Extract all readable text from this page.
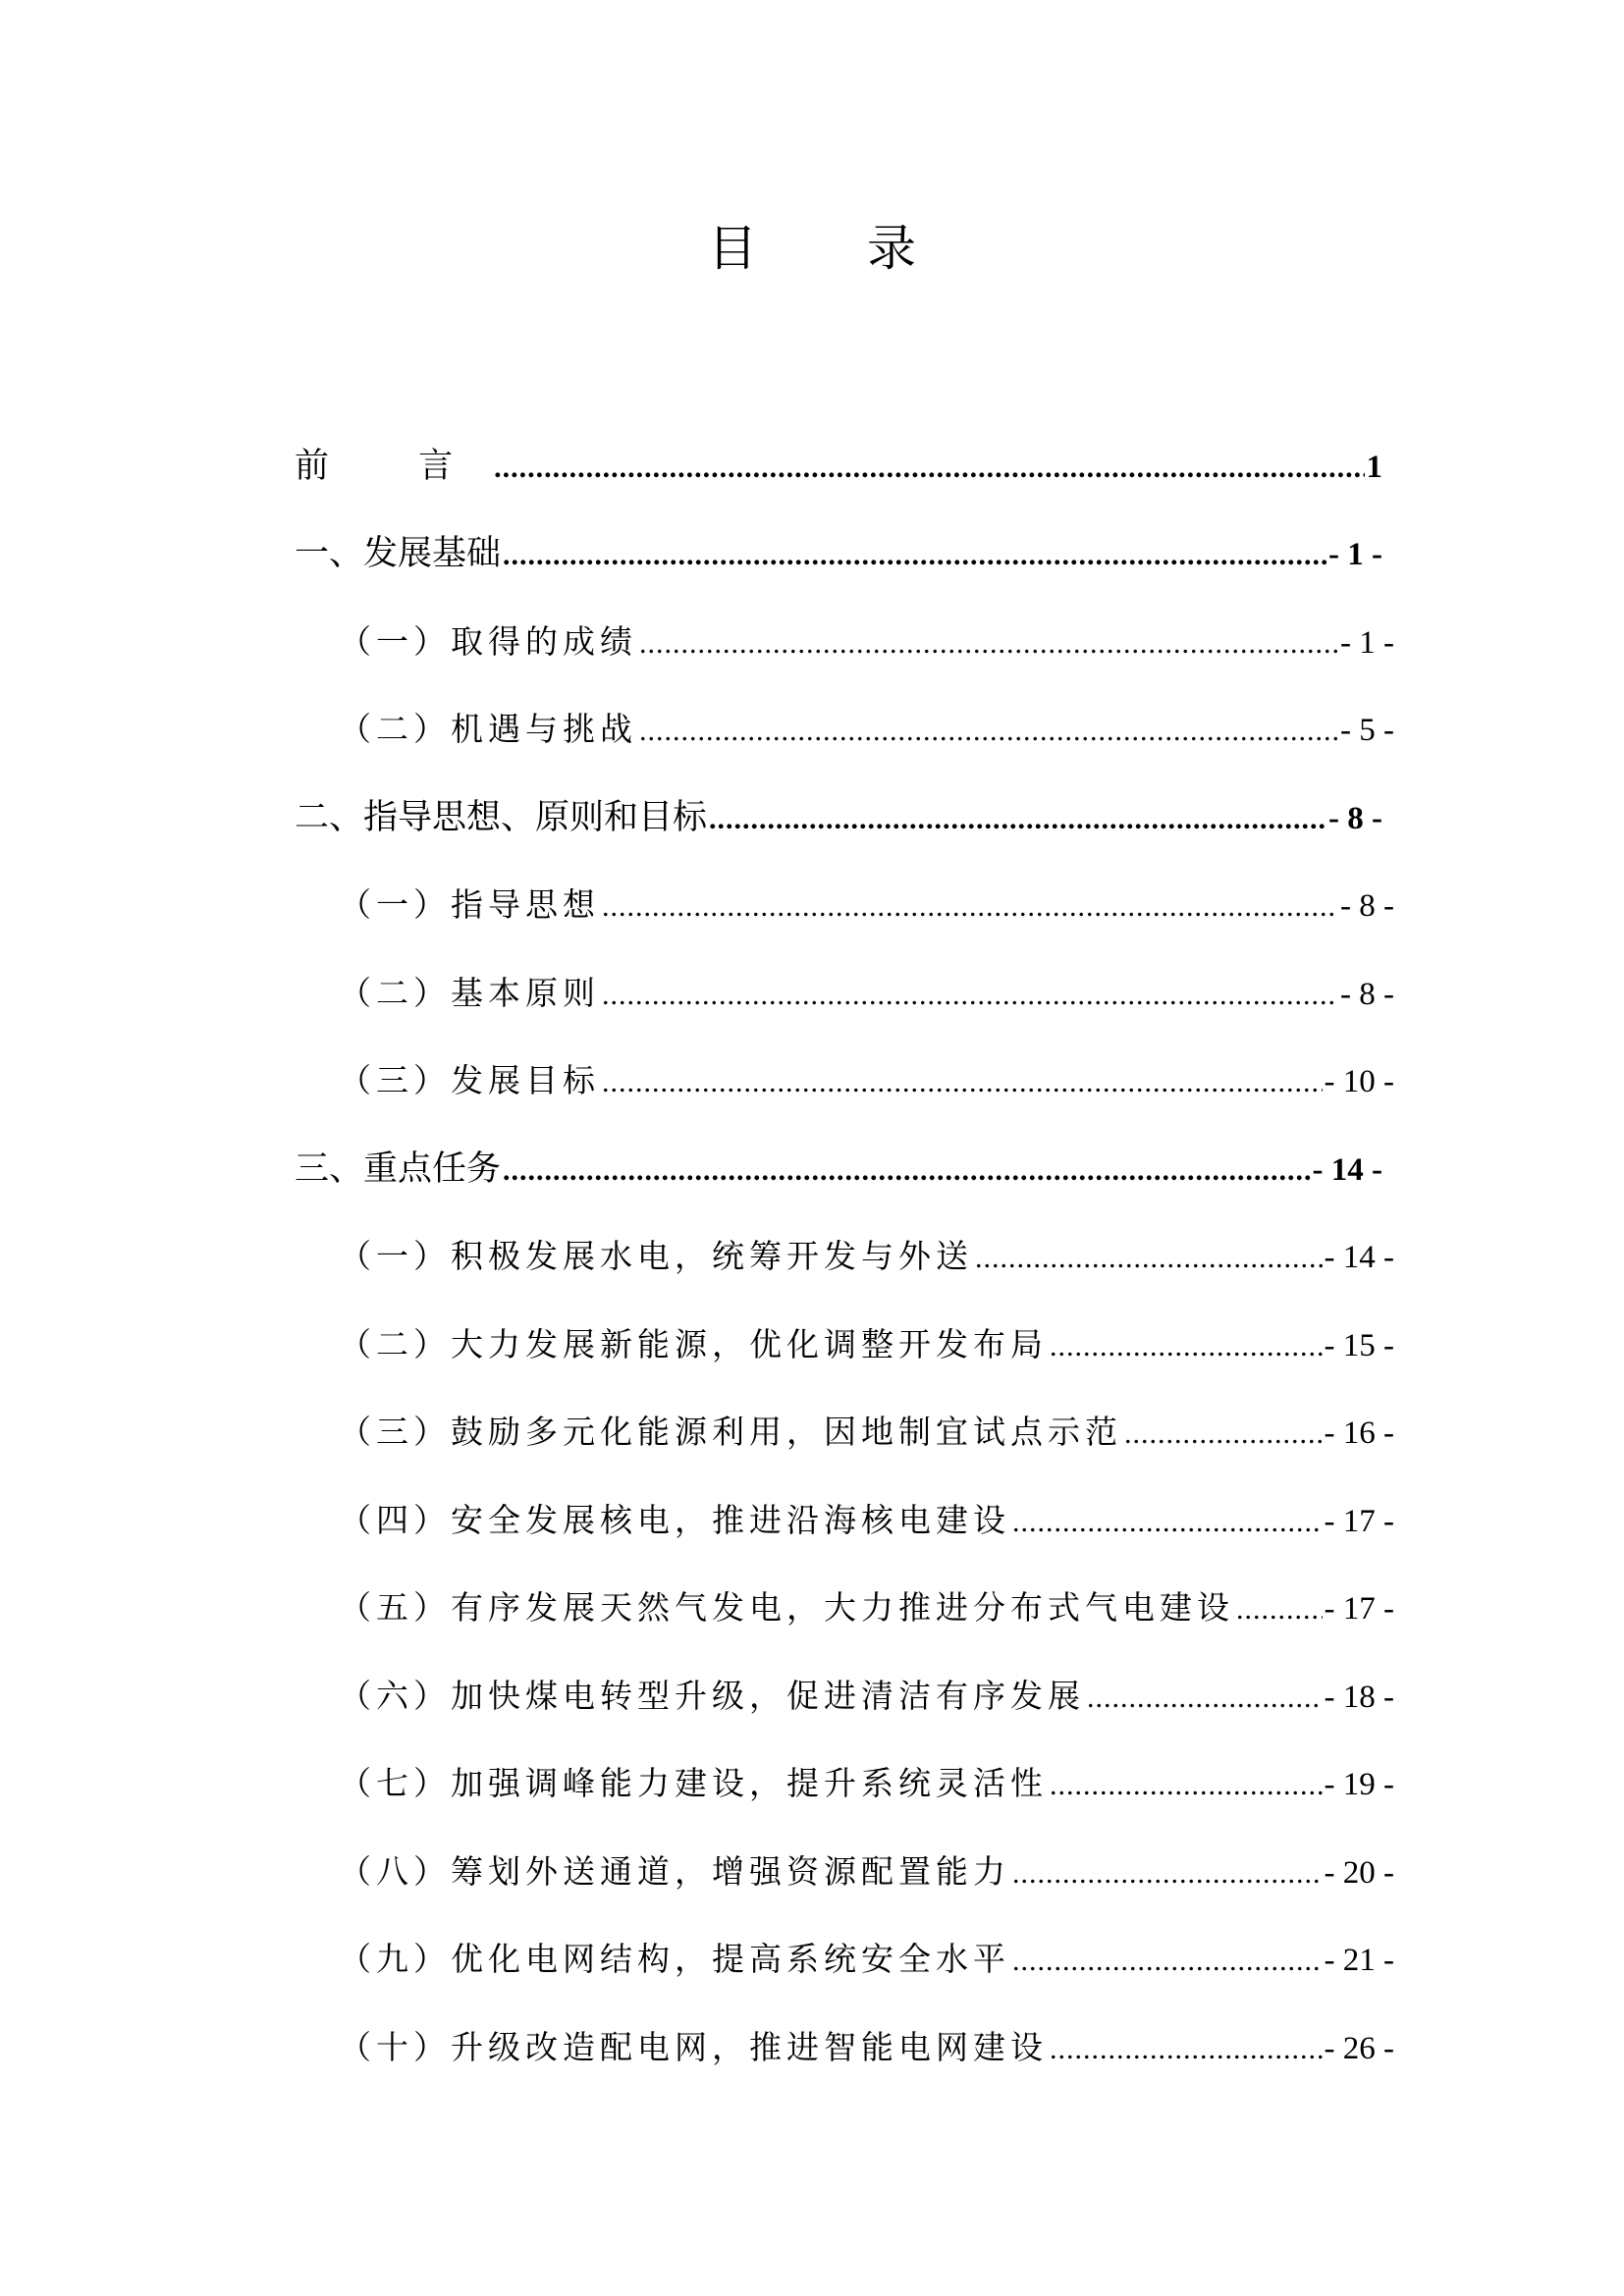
目 录
前 言 .....	1
一、发展基础 .....	- 1 -
（一）取得的成绩 .....	- 1 -
（二）机遇与挑战 .....	- 5 -
二、指导思想、原则和目标 .....	- 8 -
（一）指导思想 .....	- 8 -
（二）基本原则 .....	- 8 -
（三）发展目标 .....	- 10 -
三、重点任务 .....	- 14 -
（一）积极发展水电，统筹开发与外送 .....	- 14 -
（二）大力发展新能源，优化调整开发布局 .....	- 15 -
（三）鼓励多元化能源利用，因地制宜试点示范 .....	- 16 -
（四）安全发展核电，推进沿海核电建设 .....	- 17 -
（五）有序发展天然气发电，大力推进分布式气电建设 .....	- 17 -
（六）加快煤电转型升级，促进清洁有序发展 .....	- 18 -
（七）加强调峰能力建设，提升系统灵活性 .....	- 19 -
（八）筹划外送通道，增强资源配置能力 .....	- 20 -
（九）优化电网结构，提高系统安全水平 .....	- 21 -
（十）升级改造配电网，推进智能电网建设 .....	- 26 -
